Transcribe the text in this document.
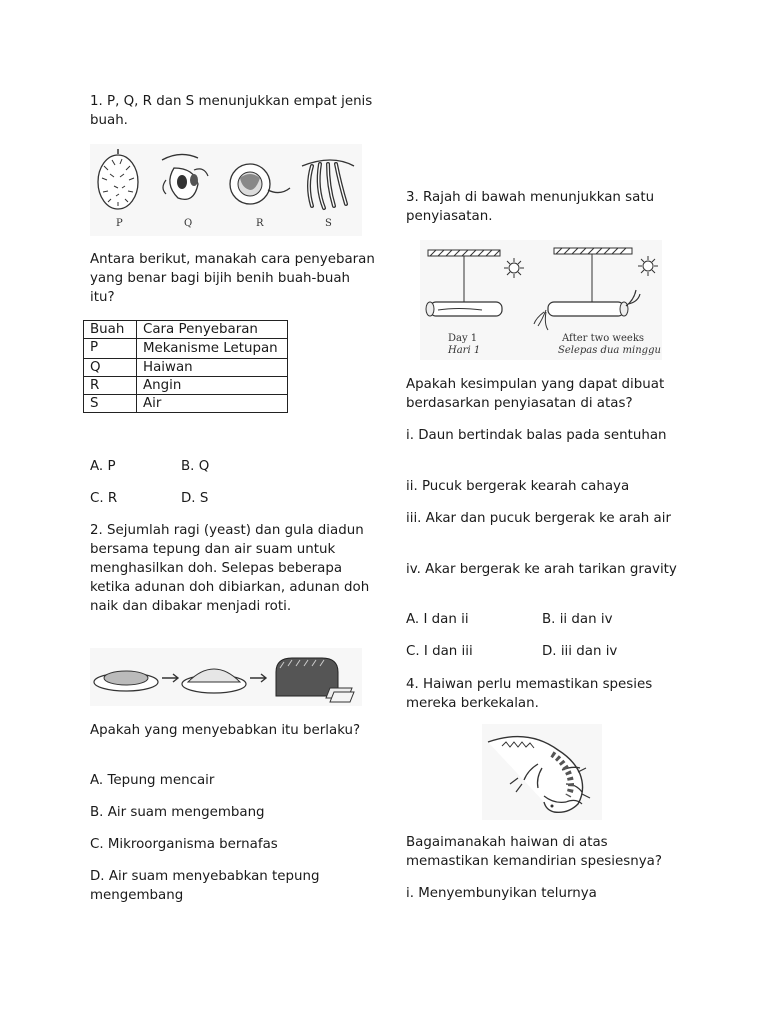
1. P, Q, R dan S menunjukkan empat jenis buah.

P	Q	R	S

Antara berikut, manakah cara penyebaran yang benar bagi bijih benih buah-buah itu?

Buah	Cara Penyebaran
P	Mekanisme Letupan
Q	Haiwan
R	Angin
S	Air
A. P	B. Q
C. R	D. S

2. Sejumlah ragi (yeast) dan gula diadun bersama tepung dan air suam untuk menghasilkan doh. Selepas beberapa ketika adunan doh dibiarkan, adunan doh naik dan dibakar menjadi roti.

Apakah yang menyebabkan itu berlaku?

A. Tepung mencair

B. Air suam mengembang

C. Mikroorganisma bernafas

D. Air suam menyebabkan tepung mengembang

3. Rajah di bawah menunjukkan satu penyiasatan.

Day 1
Hari 1
After two weeks
Selepas dua minggu

Apakah kesimpulan yang dapat dibuat berdasarkan penyiasatan di atas?

i. Daun bertindak balas pada sentuhan

ii. Pucuk bergerak kearah cahaya

iii. Akar dan pucuk bergerak ke arah air

iv. Akar bergerak ke arah tarikan gravity

A. I dan ii	B. ii dan iv
C. I dan iii	D. iii dan iv

4. Haiwan perlu memastikan spesies mereka berkekalan.

Bagaimanakah haiwan di atas memastikan kemandirian spesiesnya?

i. Menyembunyikan telurnya
